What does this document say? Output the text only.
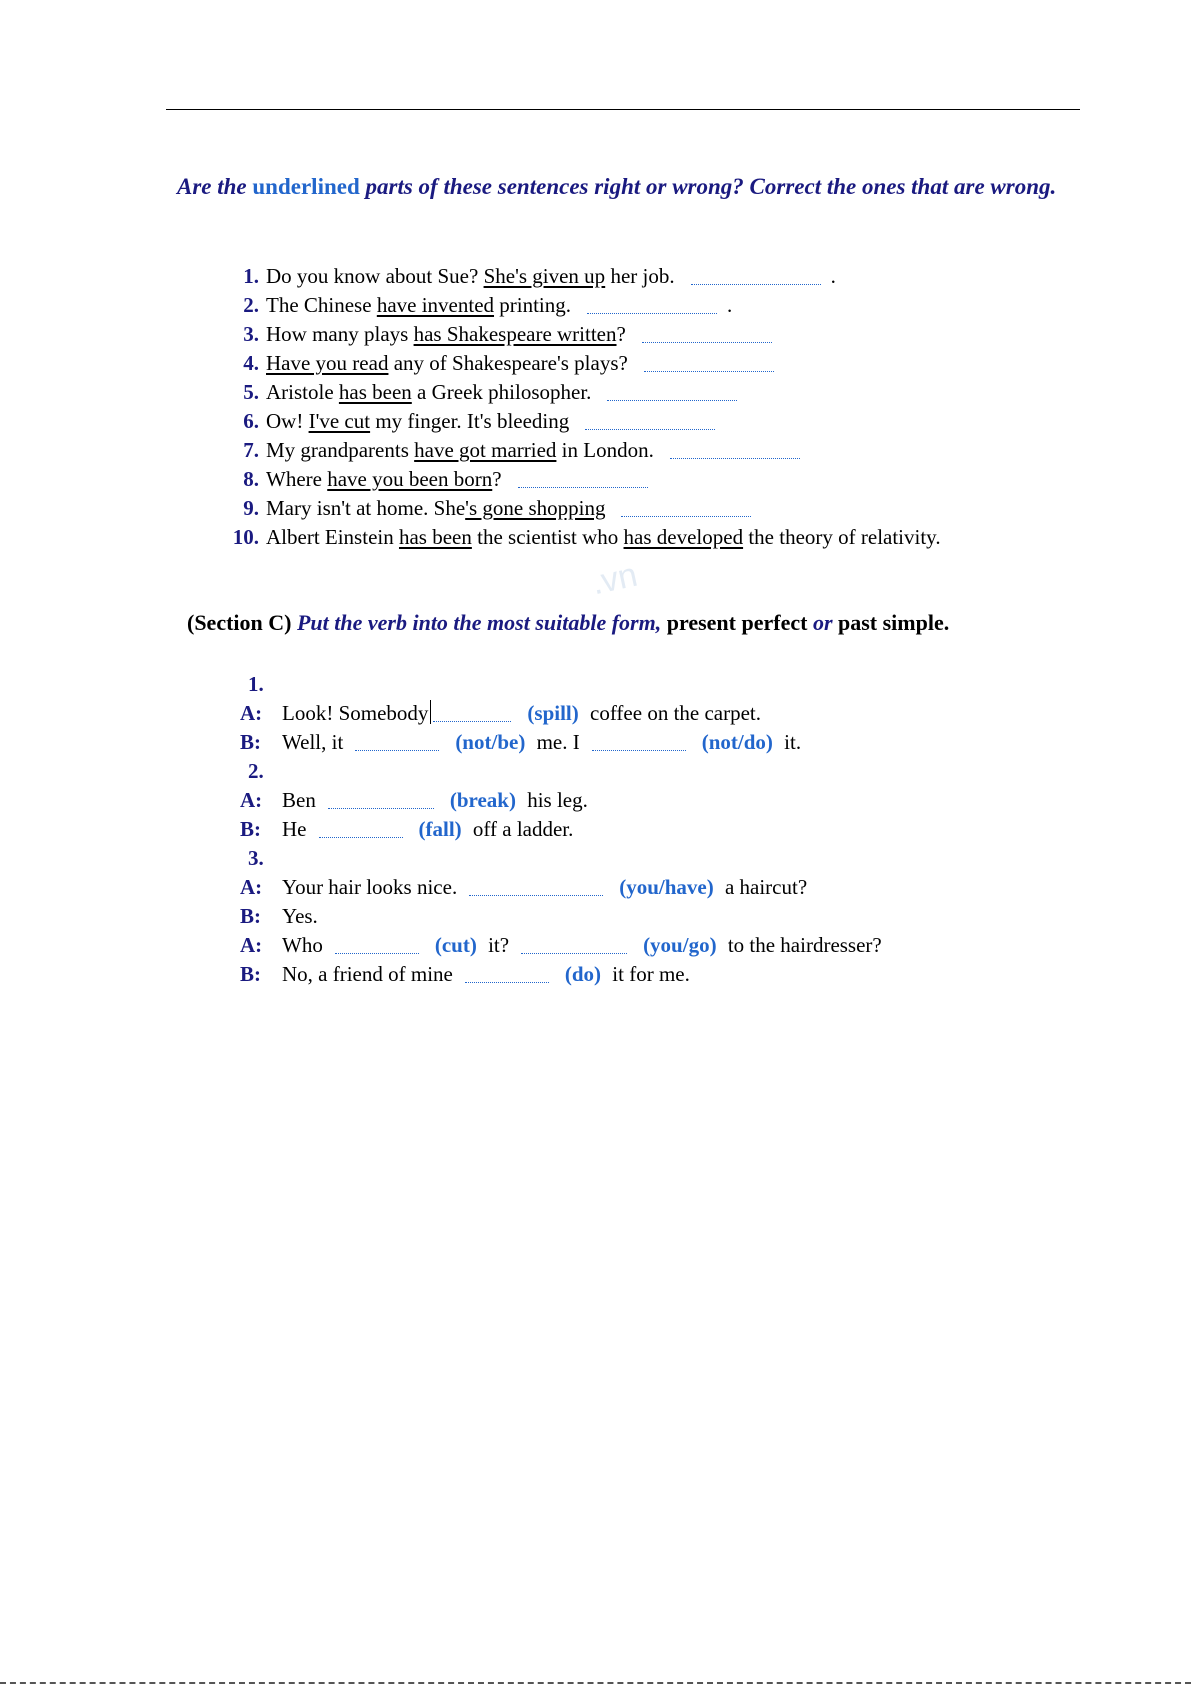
.vn
Are the underlined parts of these sentences right or wrong? Correct the ones that are wrong.
1. Do you know about Sue? She's given up her job.	.
2. The Chinese have invented printing.	.
3. How many plays has Shakespeare written?
4. Have you read any of Shakespeare's plays?
5. Aristole has been a Greek philosopher.
6. Ow! I've cut my finger. It's bleeding
7. My grandparents have got married in London.
8. Where have you been born?
9. Mary isn't at home. She's gone shopping
10. Albert Einstein has been the scientist who has developed the theory of relativity.
(Section C) Put the verb into the most suitable form, present perfect or past simple.
1.
A: Look! Somebody	(spill) coffee on the carpet.
B: Well, it	(not/be) me. I	(not/do) it.
2.
A: Ben	(break) his leg.
B: He	(fall) off a ladder.
3.
A: Your hair looks nice.	(you/have) a haircut?
B: Yes.
A: Who	(cut) it?	(you/go) to the hairdresser?
B: No, a friend of mine	(do) it for me.
